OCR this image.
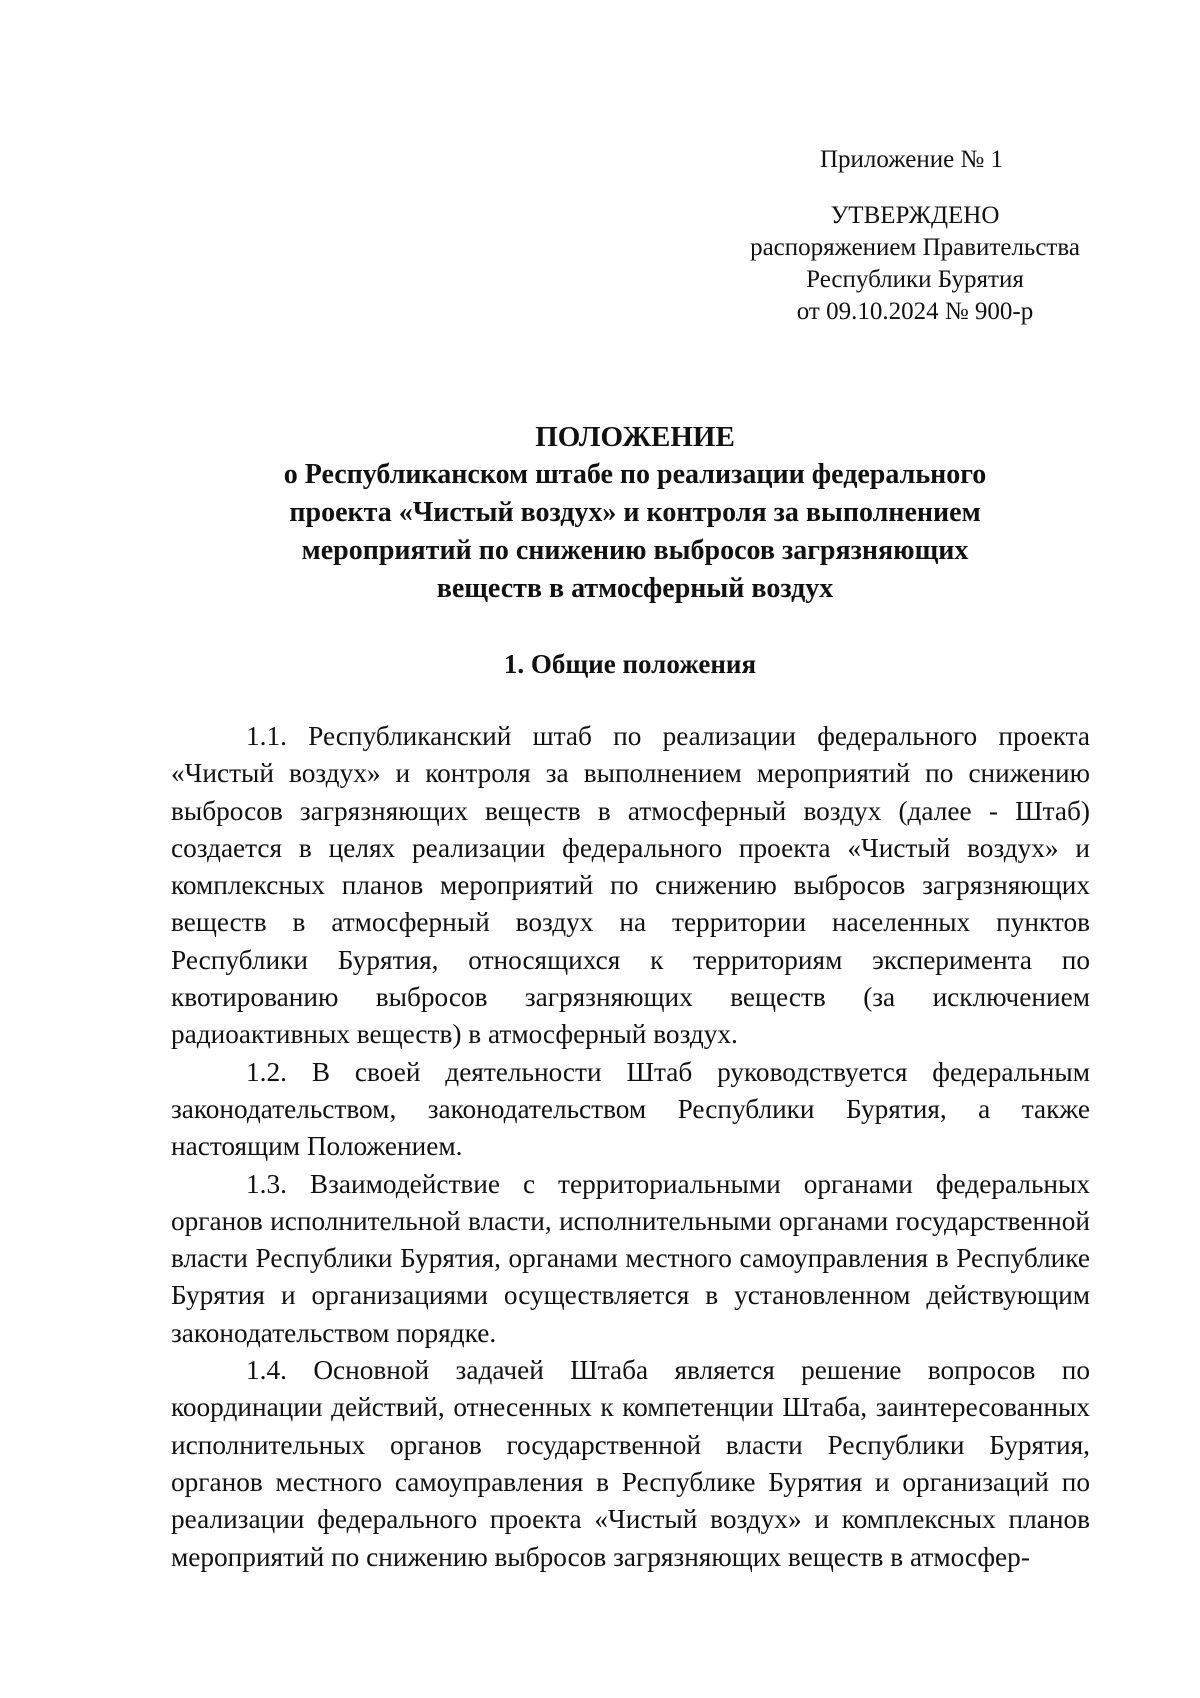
Приложение № 1
УТВЕРЖДЕНО
распоряжением Правительства
Республики Бурятия
от 09.10.2024 № 900-р
ПОЛОЖЕНИЕ
о Республиканском штабе по реализации федерального
проекта «Чистый воздух» и контроля за выполнением
мероприятий по снижению выбросов загрязняющих
веществ в атмосферный воздух
1. Общие положения

1.1. Республиканский штаб по реализации федерального проекта «Чистый воздух» и контроля за выполнением мероприятий по снижению выбросов загрязняющих веществ в атмосферный воздух (далее - Штаб) создается в целях реализации федерального проекта «Чистый воздух» и комплексных планов мероприятий по снижению выбросов загрязняющих веществ в атмосферный воздух на территории населенных пунктов Республики Бурятия, относящихся к территориям эксперимента по квотированию выбросов загрязняющих веществ (за исключением радиоактивных веществ) в атмосферный воздух.

1.2. В своей деятельности Штаб руководствуется федеральным законодательством, законодательством Республики Бурятия, а также настоящим Положением.

1.3. Взаимодействие с территориальными органами федеральных органов исполнительной власти, исполнительными органами государственной власти Республики Бурятия, органами местного самоуправления в Республике Бурятия и организациями осуществляется в установленном действующим законодательством порядке.

1.4. Основной задачей Штаба является решение вопросов по координации действий, отнесенных к компетенции Штаба, заинтересованных исполнительных органов государственной власти Республики Бурятия, органов местного самоуправления в Республике Бурятия и организаций по реализации федерального проекта «Чистый воздух» и комплексных планов мероприятий по снижению выбросов загрязняющих веществ в атмосфер-
